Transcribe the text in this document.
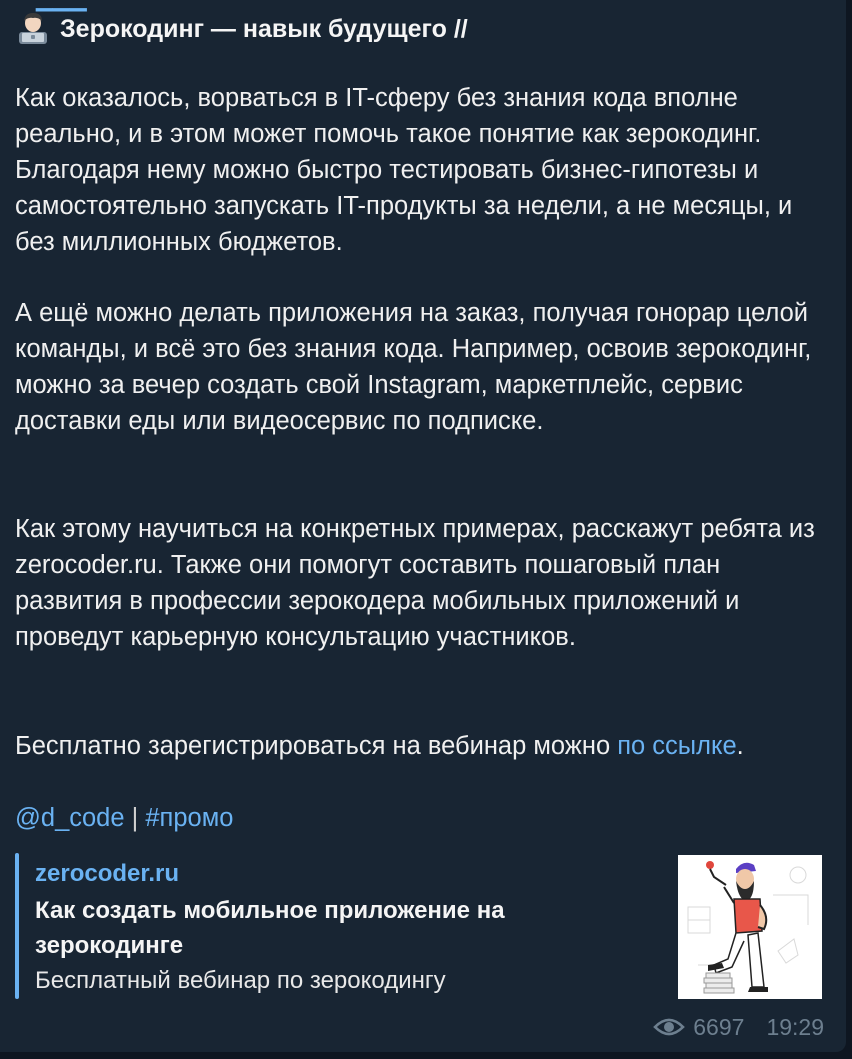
Зерокодинг — навык будущего //

Как оказалось, ворваться в IT-сферу без знания кода вполне реально, и в этом может помочь такое понятие как зерокодинг. Благодаря нему можно быстро тестировать бизнес-гипотезы и самостоятельно запускать IT-продукты за недели, а не месяцы, и без миллионных бюджетов.

А ещё можно делать приложения на заказ, получая гонорар целой команды, и всё это без знания кода. Например, освоив зерокодинг, можно за вечер создать свой Instagram, маркетплейс, сервис доставки еды или видеосервис по подписке.

Как этому научиться на конкретных примерах, расскажут ребята из zerocoder.ru. Также они помогут составить пошаговый план развития в профессии зерокодера мобильных приложений и проведут карьерную консультацию участников.

Бесплатно зарегистрироваться на вебинар можно по ссылке.

@d_code | #промо
zerocoder.ru
Как создать мобильное приложение на зерокодинге
Бесплатный вебинар по зерокодингу
6697 19:29
